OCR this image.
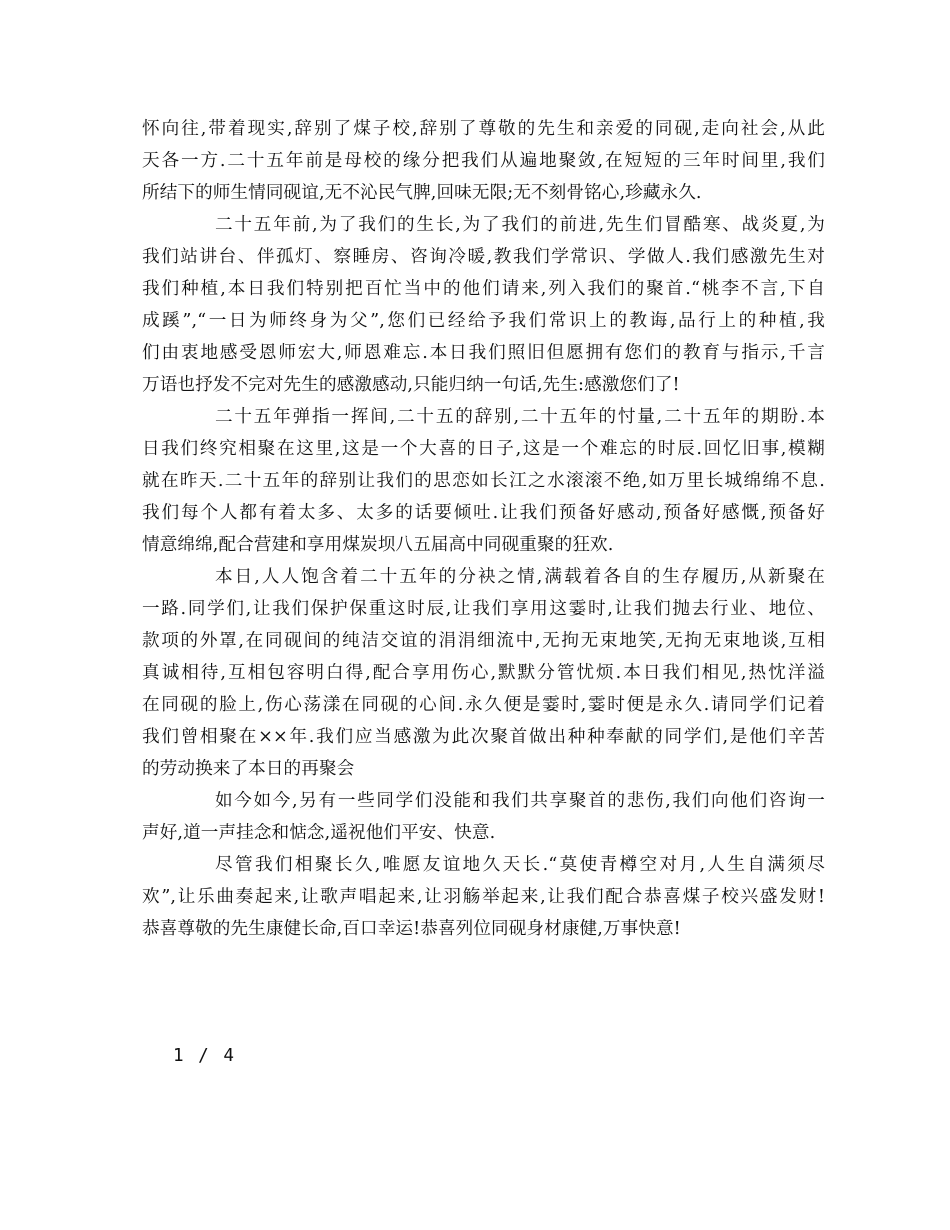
怀向往,带着现实,辞别了煤子校,辞别了尊敬的先生和亲爱的同砚,走向社会,从此
天各一方.二十五年前是母校的缘分把我们从遍地聚敛,在短短的三年时间里,我们
所结下的师生情同砚谊,无不沁民气脾,回味无限;无不刻骨铭心,珍藏永久.
二十五年前,为了我们的生长,为了我们的前进,先生们冒酷寒、战炎夏,为
我们站讲台、伴孤灯、察睡房、咨询冷暖,教我们学常识、学做人.我们感激先生对
我们种植,本日我们特别把百忙当中的他们请来,列入我们的聚首.“桃李不言,下自
成蹊”,“一日为师终身为父”,您们已经给予我们常识上的教诲,品行上的种植,我
们由衷地感受恩师宏大,师恩难忘.本日我们照旧但愿拥有您们的教育与指示,千言
万语也抒发不完对先生的感激感动,只能归纳一句话,先生:感激您们了!
二十五年弹指一挥间,二十五的辞别,二十五年的忖量,二十五年的期盼.本
日我们终究相聚在这里,这是一个大喜的日子,这是一个难忘的时辰.回忆旧事,模糊
就在昨天.二十五年的辞别让我们的思恋如长江之水滚滚不绝,如万里长城绵绵不息.
我们每个人都有着太多、太多的话要倾吐.让我们预备好感动,预备好感慨,预备好
情意绵绵,配合营建和享用煤炭坝八五届高中同砚重聚的狂欢.
本日,人人饱含着二十五年的分袂之情,满载着各自的生存履历,从新聚在
一路.同学们,让我们保护保重这时辰,让我们享用这霎时,让我们抛去行业、地位、
款项的外罩,在同砚间的纯洁交谊的涓涓细流中,无拘无束地笑,无拘无束地谈,互相
真诚相待,互相包容明白得,配合享用伤心,默默分管忧烦.本日我们相见,热忱洋溢
在同砚的脸上,伤心荡漾在同砚的心间.永久便是霎时,霎时便是永久.请同学们记着
我们曾相聚在××年.我们应当感激为此次聚首做出种种奉献的同学们,是他们辛苦
的劳动换来了本日的再聚会
如今如今,另有一些同学们没能和我们共享聚首的悲伤,我们向他们咨询一
声好,道一声挂念和惦念,遥祝他们平安、快意.
尽管我们相聚长久,唯愿友谊地久天长.“莫使青樽空对月,人生自满须尽
欢”,让乐曲奏起来,让歌声唱起来,让羽觞举起来,让我们配合恭喜煤子校兴盛发财!
恭喜尊敬的先生康健长命,百口幸运!恭喜列位同砚身材康健,万事快意!
1 / 4
